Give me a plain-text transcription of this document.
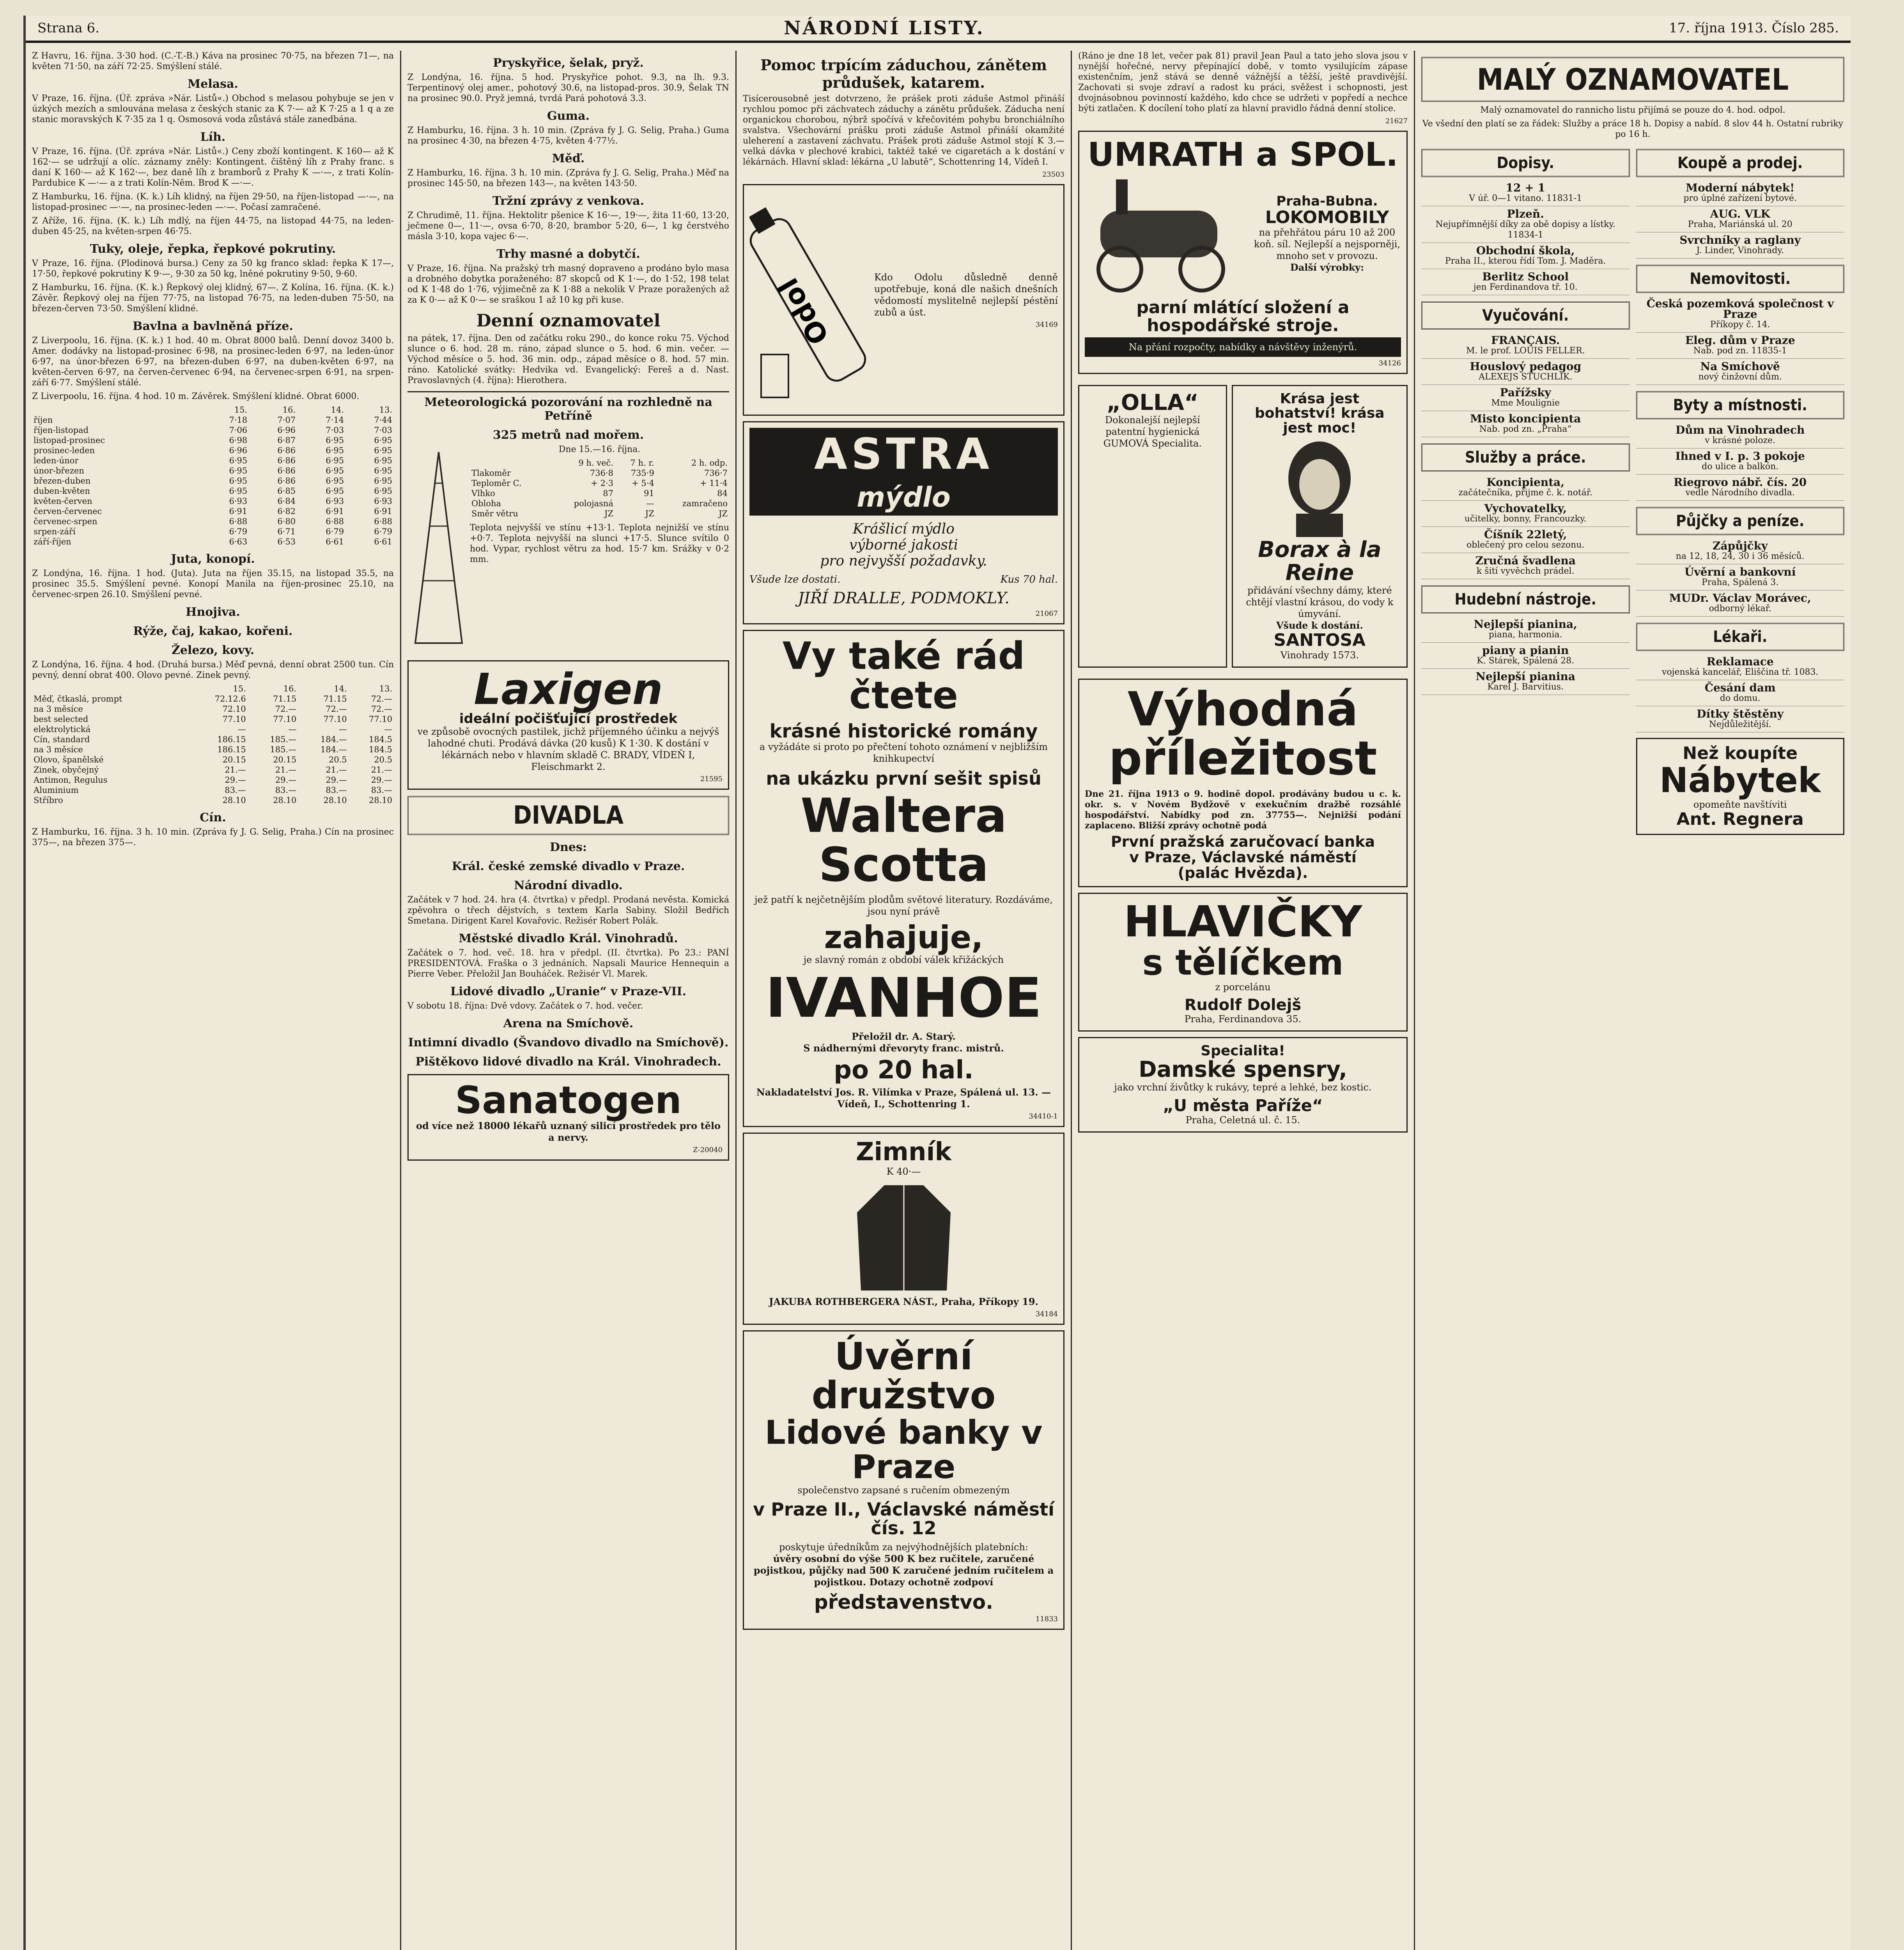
Strana 6.	NÁRODNÍ LISTY.	17. října 1913. Číslo 285.

Z Havru, 16. října. 3·30 hod. (C.-T.-B.) Káva na prosinec 70·75, na březen 71—, na květen 71·50, na září 72·25. Smýšlení stálé.

Melasa.

V Praze, 16. října. (Úř. zpráva »Nár. Listů«.) Obchod s melasou pohybuje se jen v úzkých mezích a smlouvána melasa z českých stanic za K 7·— až K 7·25 a 1 q a ze stanic moravských K 7·35 za 1 q. Osmosová voda zůstává stále zanedbána.

Líh.

V Praze, 16. října. (Úř. zpráva »Nár. Listů«.) Ceny zboží kontingent. K 160— až K 162·— se udržují a olíc. záznamy zněly: Kontingent. čištěný líh z Prahy franc. s daní K 160·— až K 162·—, bez daně líh z bramborů z Prahy K —·—, z trati Kolín-Pardubice K —·— a z trati Kolín-Něm. Brod K —·—.

Z Hamburku, 16. října. (K. k.) Líh klidný, na říjen 29·50, na říjen-listopad —·—, na listopad-prosinec —·—, na prosinec-leden —·—. Počasí zamračené.

Z Aříže, 16. října. (K. k.) Líh mdlý, na říjen 44·75, na listopad 44·75, na leden-duben 45·25, na květen-srpen 46·75.

Tuky, oleje, řepka, řepkové pokrutiny.

V Praze, 16. října. (Plodinová bursa.) Ceny za 50 kg franco sklad: řepka K 17—, 17·50, řepkové pokrutiny K 9·—, 9·30 za 50 kg, lněné pokrutiny 9·50, 9·60.

Z Hamburku, 16. října. (K. k.) Řepkový olej klidný, 67—. Z Kolína, 16. října. (K. k.) Závěr. Řepkový olej na říjen 77·75, na listopad 76·75, na leden-duben 75·50, na březen-červen 73·50. Smýšlení klidné.

Bavlna a bavlněná příze.

Z Liverpoolu, 16. října. (K. k.) 1 hod. 40 m. Obrat 8000 balů. Denní dovoz 3400 b. Amer. dodávky na listopad-prosinec 6·98, na prosinec-leden 6·97, na leden-únor 6·97, na únor-březen 6·97, na březen-duben 6·97, na duben-květen 6·97, na květen-červen 6·97, na červen-červenec 6·94, na červenec-srpen 6·91, na srpen-září 6·77. Smýšlení stálé.

Z Liverpoolu, 16. října. 4 hod. 10 m. Závěrek. Smýšlení klidné. Obrat 6000.

	15.	16.	14.	13.
říjen	7·18	7·07	7·14	7·44
říjen-listopad	7·06	6·96	7·03	7·03
listopad-prosinec	6·98	6·87	6·95	6·95
prosinec-leden	6·96	6·86	6·95	6·95
leden-únor	6·95	6·86	6·95	6·95
únor-březen	6·95	6·86	6·95	6·95
březen-duben	6·95	6·86	6·95	6·95
duben-květen	6·95	6·85	6·95	6·95
květen-červen	6·93	6·84	6·93	6·93
červen-červenec	6·91	6·82	6·91	6·91
červenec-srpen	6·88	6·80	6·88	6·88
srpen-září	6·79	6·71	6·79	6·79
září-říjen	6·63	6·53	6·61	6·61
Juta, konopí.

Z Londýna, 16. října. 1 hod. (Juta). Juta na říjen 35.15, na listopad 35.5, na prosinec 35.5. Smýšlení pevné. Konopí Manila na říjen-prosinec 25.10, na červenec-srpen 26.10. Smýšlení pevné.

Hnojiva.
Rýže, čaj, kakao, kořeni.
Železo, kovy.

Z Londýna, 16. října. 4 hod. (Druhá bursa.) Měď pevná, denní obrat 2500 tun. Cín pevný, denní obrat 400. Olovo pevné. Zinek pevný.

	15.	16.	14.	13.
Měď, čtkaslá, prompt	72.12.6	71.15	71.15	72.—
na 3 měsíce	72.10	72.—	72.—	72.—
best selected	77.10	77.10	77.10	77.10
elektrolytická	—	—	—	—
Cín, standard	186.15	185.—	184.—	184.5
na 3 měsíce	186.15	185.—	184.—	184.5
Olovo, španělské	20.15	20.15	20.5	20.5
Zinek, obyčejný	21.—	21.—	21.—	21.—
Antimon, Regulus	29.—	29.—	29.—	29.—
Aluminium	83.—	83.—	83.—	83.—
Stříbro	28.10	28.10	28.10	28.10
Cín.

Z Hamburku, 16. října. 3 h. 10 min. (Zpráva fy J. G. Selig, Praha.) Cín na prosinec 375—, na březen 375—.

Pryskyřice, šelak, pryž.

Z Londýna, 16. října. 5 hod. Pryskyřice pohot. 9.3, na lh. 9.3. Terpentinový olej amer., pohotový 30.6, na listopad-pros. 30.9, Šelak TN na prosinec 90.0. Pryž jemná, tvrdá Pará pohotová 3.3.

Guma.

Z Hamburku, 16. října. 3 h. 10 min. (Zpráva fy J. G. Selig, Praha.) Guma na prosinec 4·30, na březen 4·75, květen 4·77½.

Měď.

Z Hamburku, 16. října. 3 h. 10 min. (Zpráva fy J. G. Selig, Praha.) Měď na prosinec 145·50, na březen 143—, na květen 143·50.

Tržní zprávy z venkova.

Z Chrudimě, 11. října. Hektolitr pšenice K 16·—, 19·—, žita 11·60, 13·20, ječmene 0—, 11·—, ovsa 6·70, 8·20, brambor 5·20, 6—, 1 kg čerstvého másla 3·10, kopa vajec 6·—.

Trhy masné a dobytčí.

V Praze, 16. října. Na pražský trh masný dopraveno a prodáno bylo masa a drobného dobytka poraženého: 87 skopců od K 1·—, do 1·52, 198 telat od K 1·48 do 1·76, výjimečně za K 1·88 a nekolik V Praze poražených až za K 0·— až K 0·— se sraškou 1 až 10 kg při kuse.

Denní oznamovatel

na pátek, 17. října. Den od začátku roku 290., do konce roku 75. Východ slunce o 6. hod. 28 m. ráno, západ slunce o 5. hod. 6 min. večer. — Východ měsíce o 5. hod. 36 min. odp., západ měsíce o 8. hod. 57 min. ráno. Katolické svátky: Hedvika vd. Evangelický: Fereš a d. Nast. Pravoslavných (4. října): Hierothera.

Meteorologická pozorování na rozhledně na Petříně
325 metrů nad mořem.
Dne 15.—16. října.
	9 h. več.	7 h. r.	2 h. odp.
Tlakoměr	736·8	735·9	736·7
Teploměr C.	+ 2·3	+ 5·4	+ 11·4
Vlhko	87	91	84
Oblohа	polojasná	—	zamračeno
Směr větru	JZ	JZ	JZ

Teplota nejvyšší ve stínu +13·1. Teplota nejnižší ve stínu +0·7. Teplota nejvyšší na slunci +17·5. Slunce svítilo 0 hod. Vypar, rychlost větru za hod. 15·7 km. Srážky v 0·2 mm.

Laxigen
ideální počišťující prostředek
ve způsobě ovocných pastilek, jichž příjemného účinku a nejvýš lahodné chuti. Prodává dávka (20 kusů) K 1·30. K dostání v lékárnách nebo v hlavním skladě C. BRADY, VÍDEŇ I, Fleischmarkt 2.
21595
DIVADLA
Dnes:
Král. české zemské divadlo v Praze.
Národní divadlo.

Začátek v 7 hod. 24. hra (4. čtvrtka) v předpl. Prodaná nevěsta. Komická zpěvohra o třech dějstvích, s textem Karla Sabiny. Složil Bedřich Smetana. Dirigent Karel Kovařovic. Režisér Robert Polák.

Městské divadlo Král. Vinohradů.

Začátek o 7. hod. več. 18. hra v předpl. (II. čtvrtka). Po 23.: PANÍ PRESIDENTOVÁ. Fraška o 3 jednáních. Napsali Maurice Hennequin a Pierre Veber. Přeložil Jan Bouháček. Režisér Vl. Marek.

Lidové divadlo „Uranie“ v Praze-VII.

V sobotu 18. října: Dvě vdovy. Začátek o 7. hod. večer.

Arena na Smíchově.
Intimní divadlo (Švandovo divadlo na Smíchově).
Pištěkovo lidové divadlo na Král. Vinohradech.
Sanatogen
od více než 18000 lékařů uznaný silicí prostředek pro tělo a nervy.
Z-20040
Pomoc trpícím záduchou, zánětem průdušek, katarem.

Tisícerousobně jest dotvrzeno, že prášek proti záduše Astmol přináší rychlou pomoc při záchvatech záduchy a zánětu průdušek. Záducha není organickou chorobou, nýbrž spočívá v křečovitém pohybu bronchiálního svalstva. Všechovární prášku proti záduše Astmol přináší okamžité uleherení a zastavení záchvatu. Prášek proti záduše Astmol stojí K 3.— velká dávka v plechové krabici, taktéž také ve cigaretách a k dostání v lékárnách. Hlavní sklad: lékárna „U labutě“, Schottenring 14, Vídeň I.

23503
Odol	Kdo Odolu důsledně denně upotřebuje, koná dle našich dnešních vědomostí myslitelně nejlepší péstění zubů a úst.
34169
ASTRA
mýdlo
Krášlicí mýdlo
výborné jakosti
pro nejvyšší požadavky.
Všude lze dostati.	Kus 70 hal.
JIŘÍ DRALLE, PODMOKLY.
21067
Vy také rád čtete
krásné historické romány
a vyžádáte si proto po přečtení tohoto oznámení v nejbližším knihkupectví
na ukázku první sešit spisů
Waltera Scotta
jež patří k nejčetnějším plodům světové literatury. Rozdáváme, jsou nyní právě
zahajuje,
je slavný román z období válek křižáckých
IVANHOE
Přeložil dr. A. Starý.
S nádhernými dřevoryty franc. mistrů.
po 20 hal.
Nakladatelství Jos. R. Vilímka v Praze, Spálená ul. 13. — Vídeň, I., Schottenring 1.
34410-1
Zimník
K 40·—
JAKUBA ROTHBERGERA NÁST., Praha, Příkopy 19.
34184
Úvěrní družstvo
Lidové banky v Praze
společenstvo zapsané s ručením obmezeným
v Praze II., Václavské náměstí čís. 12
poskytuje úředníkům za nejvýhodnějších platebních:
úvěry osobní do výše 500 K bez ručitele, zaručené pojistkou, půjčky nad 500 K zaručené jedním ručitelem a pojistkou. Dotazy ochotně zodpoví
představenstvo.
11833

(Ráno je dne 18 let, večer pak 81) pravil Jean Paul a tato jeho slova jsou v nynější hořečné, nervy přepínající době, v tomto vysilujícím zápase existenčním, jenž stává se denně vážnější a těžší, ještě pravdivější. Zachovati si svoje zdraví a radost ku práci, svěžest i schopnosti, jest dvojnásobnou povinností každého, kdo chce se udržeti v popředí a nechce býti zatlačen. K docílení toho platí za hlavní pravidlo řádná denní stolice.

21627
UMRATH a SPOL.
Praha-Bubna.
LOKOMOBILY
na přehřátou páru 10 až 200 koň. síl. Nejlepší a nejsporněji, mnoho set v provozu.
Další výrobky:
parní mlátící složení a hospodářské stroje.
Na přání rozpočty, nabídky a návštěvy inženýrů.
34126
„OLLA“
Dokonalejší nejlepší patentní hygienická GUMOVÁ Specialita.
Krása jest bohatství! krása jest moc!
Borax à la Reine
přidávání všechny dámy, které chtějí vlastní krásou, do vody k úmyvání.
Všude k dostání.
SANTOSA
Vinohrady 1573.
Výhodná
příležitost

Dne 21. října 1913 o 9. hodině dopol. prodávány budou u c. k. okr. s. v Novém Bydžově v exekučním dražbě rozsáhlé hospodářství. Nabídky pod zn. 37755—. Nejnižší podání zaplaceno. Bližší zprávy ochotně podá

První pražská zaručovací banka
v Praze, Václavské náměstí
(palác Hvězda).
HLAVIČKY
s tělíčkem
z porcelánu
Rudolf Dolejš
Praha, Ferdinandova 35.
Specialita!
Damské spensry,
jako vrchní živůtky k rukávy, tepré a lehké, bez kostic.
„U města Paříže“
Praha, Celetná ul. č. 15.
MALÝ OZNAMOVATEL
Malý oznamovatel do rannicho listu přijímá se pouze do 4. hod. odpol.
Ve všední den platí se za řádek: Služby a práce 18 h. Dopisy a nabíd. 8 slov 44 h. Ostatní rubriky po 16 h.
Dopisy.
12 + 1
V úř. 0—1 vitano. 11831-1
Plzeň.
Nejupřímnější díky za obě dopisy a lístky. 11834-1
Obchodní škola,
Praha II., kterou řídí Tom. J. Maděra.
Berlitz School
jen Ferdinandova tř. 10.
Vyučování.
FRANÇAIS.
M. le prof. LOUIS FELLER.
Houslový pedagog
ALEXEJS STUCHLIK.
Pařížsky
Mme Moulignie
Misto koncipienta
Nab. pod zn. „Praha“
Služby a práce.
Koncipienta,
začátečníka, přijme č. k. notář.
Vychovatelky,
učitelky, bonny, Francouzky.
Číšník 22letý,
oblečený pro celou sezonu.
Zručná švadlena
k šití vyvěchch prádel.
Hudební nástroje.
Nejlepší pianina,
piana, harmonia.
piany a pianin
K. Stárek, Spálená 28.
Nejlepší pianina
Karel J. Barvitius.
Koupě a prodej.
Moderní nábytek!
pro úplné zařízení bytové.
AUG. VLK
Praha, Mariánská ul. 20
Svrchníky a raglany
J. Linder, Vinohrady.
Nemovitosti.
Česká pozemková společnost v Praze
Příkopy č. 14.
Eleg. dům v Praze
Nab. pod zn. 11835-1
Na Smíchově
nový činžovní dům.
Byty a místnosti.
Dům na Vinohradech
v krásné poloze.
Ihned v I. p. 3 pokoje
do ulice a balkón.
Riegrovo nábř. čís. 20
vedle Národního divadla.
Půjčky a peníze.
Zápůjčky
na 12, 18, 24, 30 i 36 měsíců.
Úvěrní a bankovní
Praha, Spálená 3.
MUDr. Václav Morávec,
odborný lékař.
Lékaři.
Reklamace
vojenská kancelář, Eliščina tř. 1083.
Česání dam
do domu.
Dítky štěstěny
Nejdůležitější.
Než koupíte
Nábytek
opomeňte navštíviti
Ant. Regnera
